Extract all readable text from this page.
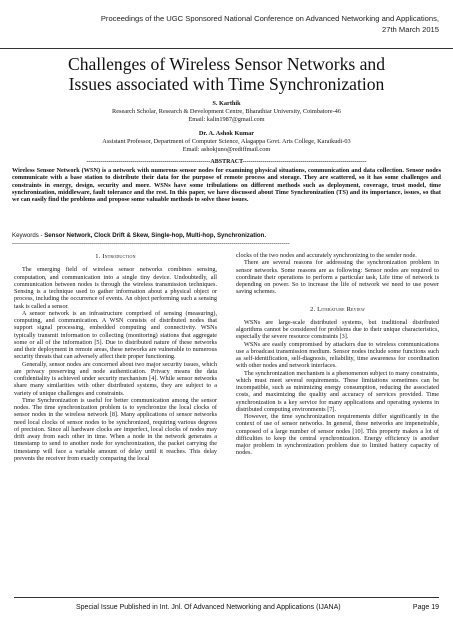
Proceedings of the UGC Sponsored National Conference on Advanced Networking and Applications,
27th March 2015
Challenges of Wireless Sensor Networks and
Issues associated with Time Synchronization
S. Karthik
Research Scholar, Research & Development Centre, Bharathiar University, Coimbatore-46
Email: kalin1987@gmail.com
Dr. A. Ashok Kumar
Assistant Professor, Department of Computer Science, Alagappa Govt. Arts College, Karaikudi-03
Email: ashokjuno@rediffmail.com
--------------------------------------------------------------ABSTRACT--------------------------------------------------------------
Wireless Sensor Network (WSN) is a network with numerous sensor nodes for examining physical situations, communication and data collection. Sensor nodes communicate with a base station to distribute their data for the purpose of remote process and storage. They are scattered, so it has some challenges and constraints in energy, design, security and more. WSNs have some tribulations on different methods such as deployment, coverage, trust model, time synchronization, middleware, fault tolerance and the rest. In this paper, we have discussed about Time Synchronization (TS) and its importance, issues, so that we can easily find the problems and propose some valuable methods to solve those issues.
Keywords - Sensor Network, Clock Drift & Skew, Single-hop, Multi-hop, Synchronization.
-------------------------------------------------------------------------------------------------------------------------------------------
1. Introduction

The emerging field of wireless sensor networks combines sensing, computation, and communication into a single tiny device. Undoubtedly, all communication between nodes is through the wireless transmission techniques. Sensing is a technique used to gather information about a physical object or process, including the occurrence of events. An object performing such a sensing task is called a sensor.

A sensor network is an infrastructure comprised of sensing (measuring), computing, and communication. A WSN consists of distributed nodes that support signal processing, embedded computing and connectivity. WSNs typically transmit information to collecting (monitoring) stations that aggregate some or all of the information [5]. Due to distributed nature of these networks and their deployment in remote areas, these networks are vulnerable to numerous security threats that can adversely affect their proper functioning.

Generally, sensor nodes are concerned about two major security issues, which are privacy preserving and node authentication. Privacy means the data confidentiality is achieved under security mechanism [4]. While sensor networks share many similarities with other distributed systems, they are subject to a variety of unique challenges and constraints.

Time Synchronization is useful for better communication among the sensor nodes. The time synchronization problem is to synchronize the local clocks of sensor nodes in the wireless network [8]. Many applications of sensor networks need local clocks of sensor nodes to be synchronized, requiring various degrees of precision. Since all hardware clocks are imperfect, local clocks of nodes may drift away from each other in time. When a node in the network generates a timestamp to send to another node for synchronization, the packet carrying the timestamp will face a variable amount of delay until it reaches. This delay prevents the receiver from exactly comparing the local

clocks of the two nodes and accurately synchronizing to the sender node.

There are several reasons for addressing the synchronization problem in sensor networks. Some reasons are as following: Sensor nodes are required to coordinate their operations to perform a particular task, Life time of network is depending on power. So to increase the life of network we need to use power saving schemes.

2. Literature Review

WSNs are large-scale distributed systems, but traditional distributed algorithms cannot be considered for problems due to their unique characteristics, especially the severe resource constraints [3].

WSNs are easily compromised by attackers due to wireless communications use a broadcast transmission medium. Sensor nodes include some functions such as self-identification, self-diagnosis, reliability, time awareness for coordination with other nodes and network interfaces.

The synchronization mechanism is a phenomenon subject to many constraints, which must meet several requirements. These limitations sometimes can be incompatible, such as minimizing energy consumption, reducing the associated costs, and maximizing the quality and accuracy of services provided. Time synchronization is a key service for many applications and operating systems in distributed computing environments [7].

However, the time synchronization requirements differ significantly in the context of use of sensor networks. In general, these networks are impenetrable, composed of a large number of sensor nodes [10]. This property makes a lot of difficulties to keep the central synchronization. Energy efficiency is another major problem in synchronization problem due to limited battery capacity of nodes.

Special Issue Published in Int. Jnl. Of Advanced Networking and Applications (IJANA)	Page 19
